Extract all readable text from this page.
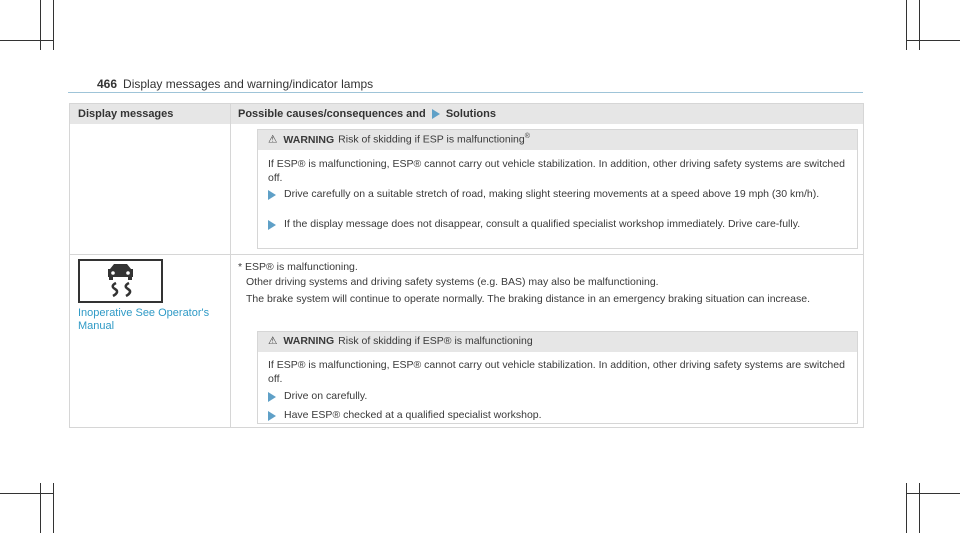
466 Display messages and warning/indicator lamps
Display messages	Possible causes/consequences and Solutions
⚠ WARNING Risk of skidding if ESP is malfunctioning®
If ESP® is malfunctioning, ESP® cannot carry out vehicle stabilization. In addition, other driving safety systems are switched off.
Drive carefully on a suitable stretch of road, making slight steering movements at a speed above 19 mph (30 km/h).
If the display message does not disappear, consult a qualified specialist workshop immediately. Drive care-fully.
Inoperative See Operator's Manual
* ESP® is malfunctioning.
Other driving systems and driving safety systems (e.g. BAS) may also be malfunctioning.
The brake system will continue to operate normally. The braking distance in an emergency braking situation can increase.
⚠ WARNING Risk of skidding if ESP® is malfunctioning
If ESP® is malfunctioning, ESP® cannot carry out vehicle stabilization. In addition, other driving safety systems are switched off.
Drive on carefully.
Have ESP® checked at a qualified specialist workshop.
